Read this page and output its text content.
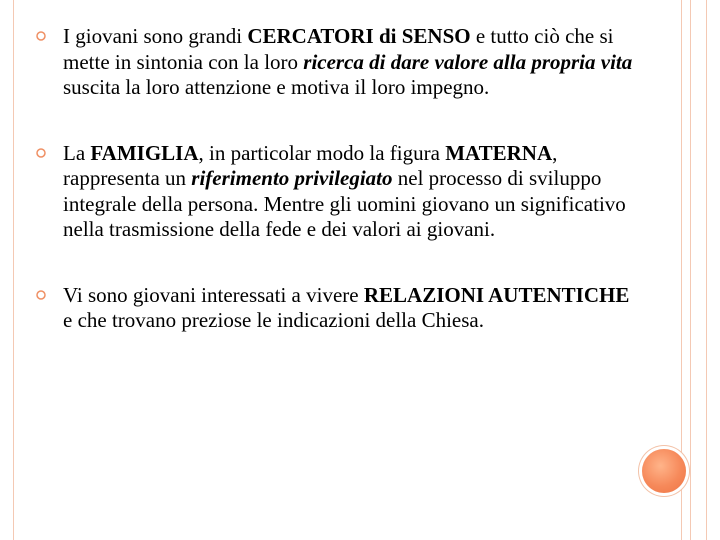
I giovani sono grandi CERCATORI di SENSO e tutto ciò che si mette in sintonia con la loro ricerca di dare valore alla propria vita suscita la loro attenzione e motiva il loro impegno.
La FAMIGLIA, in particolar modo la figura MATERNA, rappresenta un riferimento privilegiato nel processo di sviluppo integrale della persona. Mentre gli uomini giovano un significativo nella trasmissione della fede e dei valori ai giovani.
Vi sono giovani interessati a vivere RELAZIONI AUTENTICHE e che trovano preziose le indicazioni della Chiesa.
